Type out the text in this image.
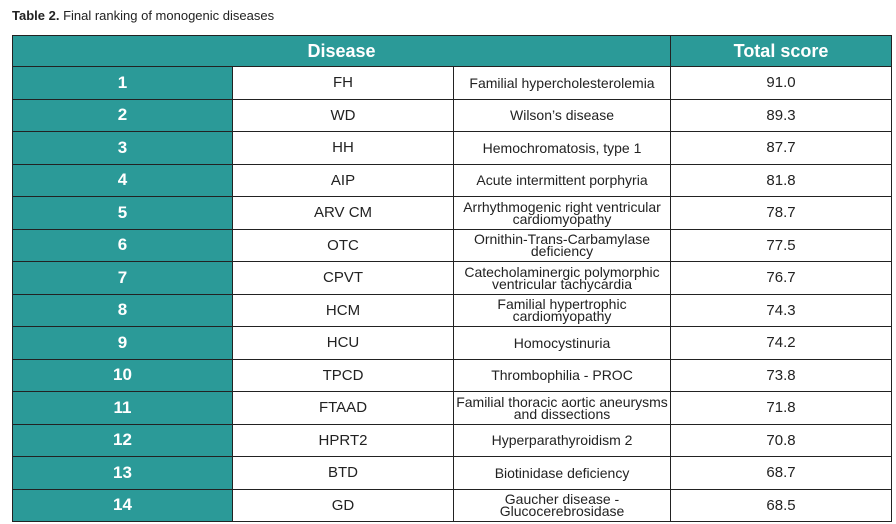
Table 2. Final ranking of monogenic diseases
Disease			Total score
1	FH	Familial hypercholesterolemia	91.0
2	WD	Wilson’s disease	89.3
3	HH	Hemochromatosis, type 1	87.7
4	AIP	Acute intermittent porphyria	81.8
5	ARV CM	Arrhythmogenic right ventricular cardiomyopathy	78.7
6	OTC	Ornithin-Trans-Carbamylase deficiency	77.5
7	CPVT	Catecholaminergic polymorphic ventricular tachycardia	76.7
8	HCM	Familial hypertrophic cardiomyopathy	74.3
9	HCU	Homocystinuria	74.2
10	TPCD	Thrombophilia - PROC	73.8
11	FTAAD	Familial thoracic aortic aneurysms and dissections	71.8
12	HPRT2	Hyperparathyroidism 2	70.8
13	BTD	Biotinidase deficiency	68.7
14	GD	Gaucher disease - Glucocerebrosidase	68.5
